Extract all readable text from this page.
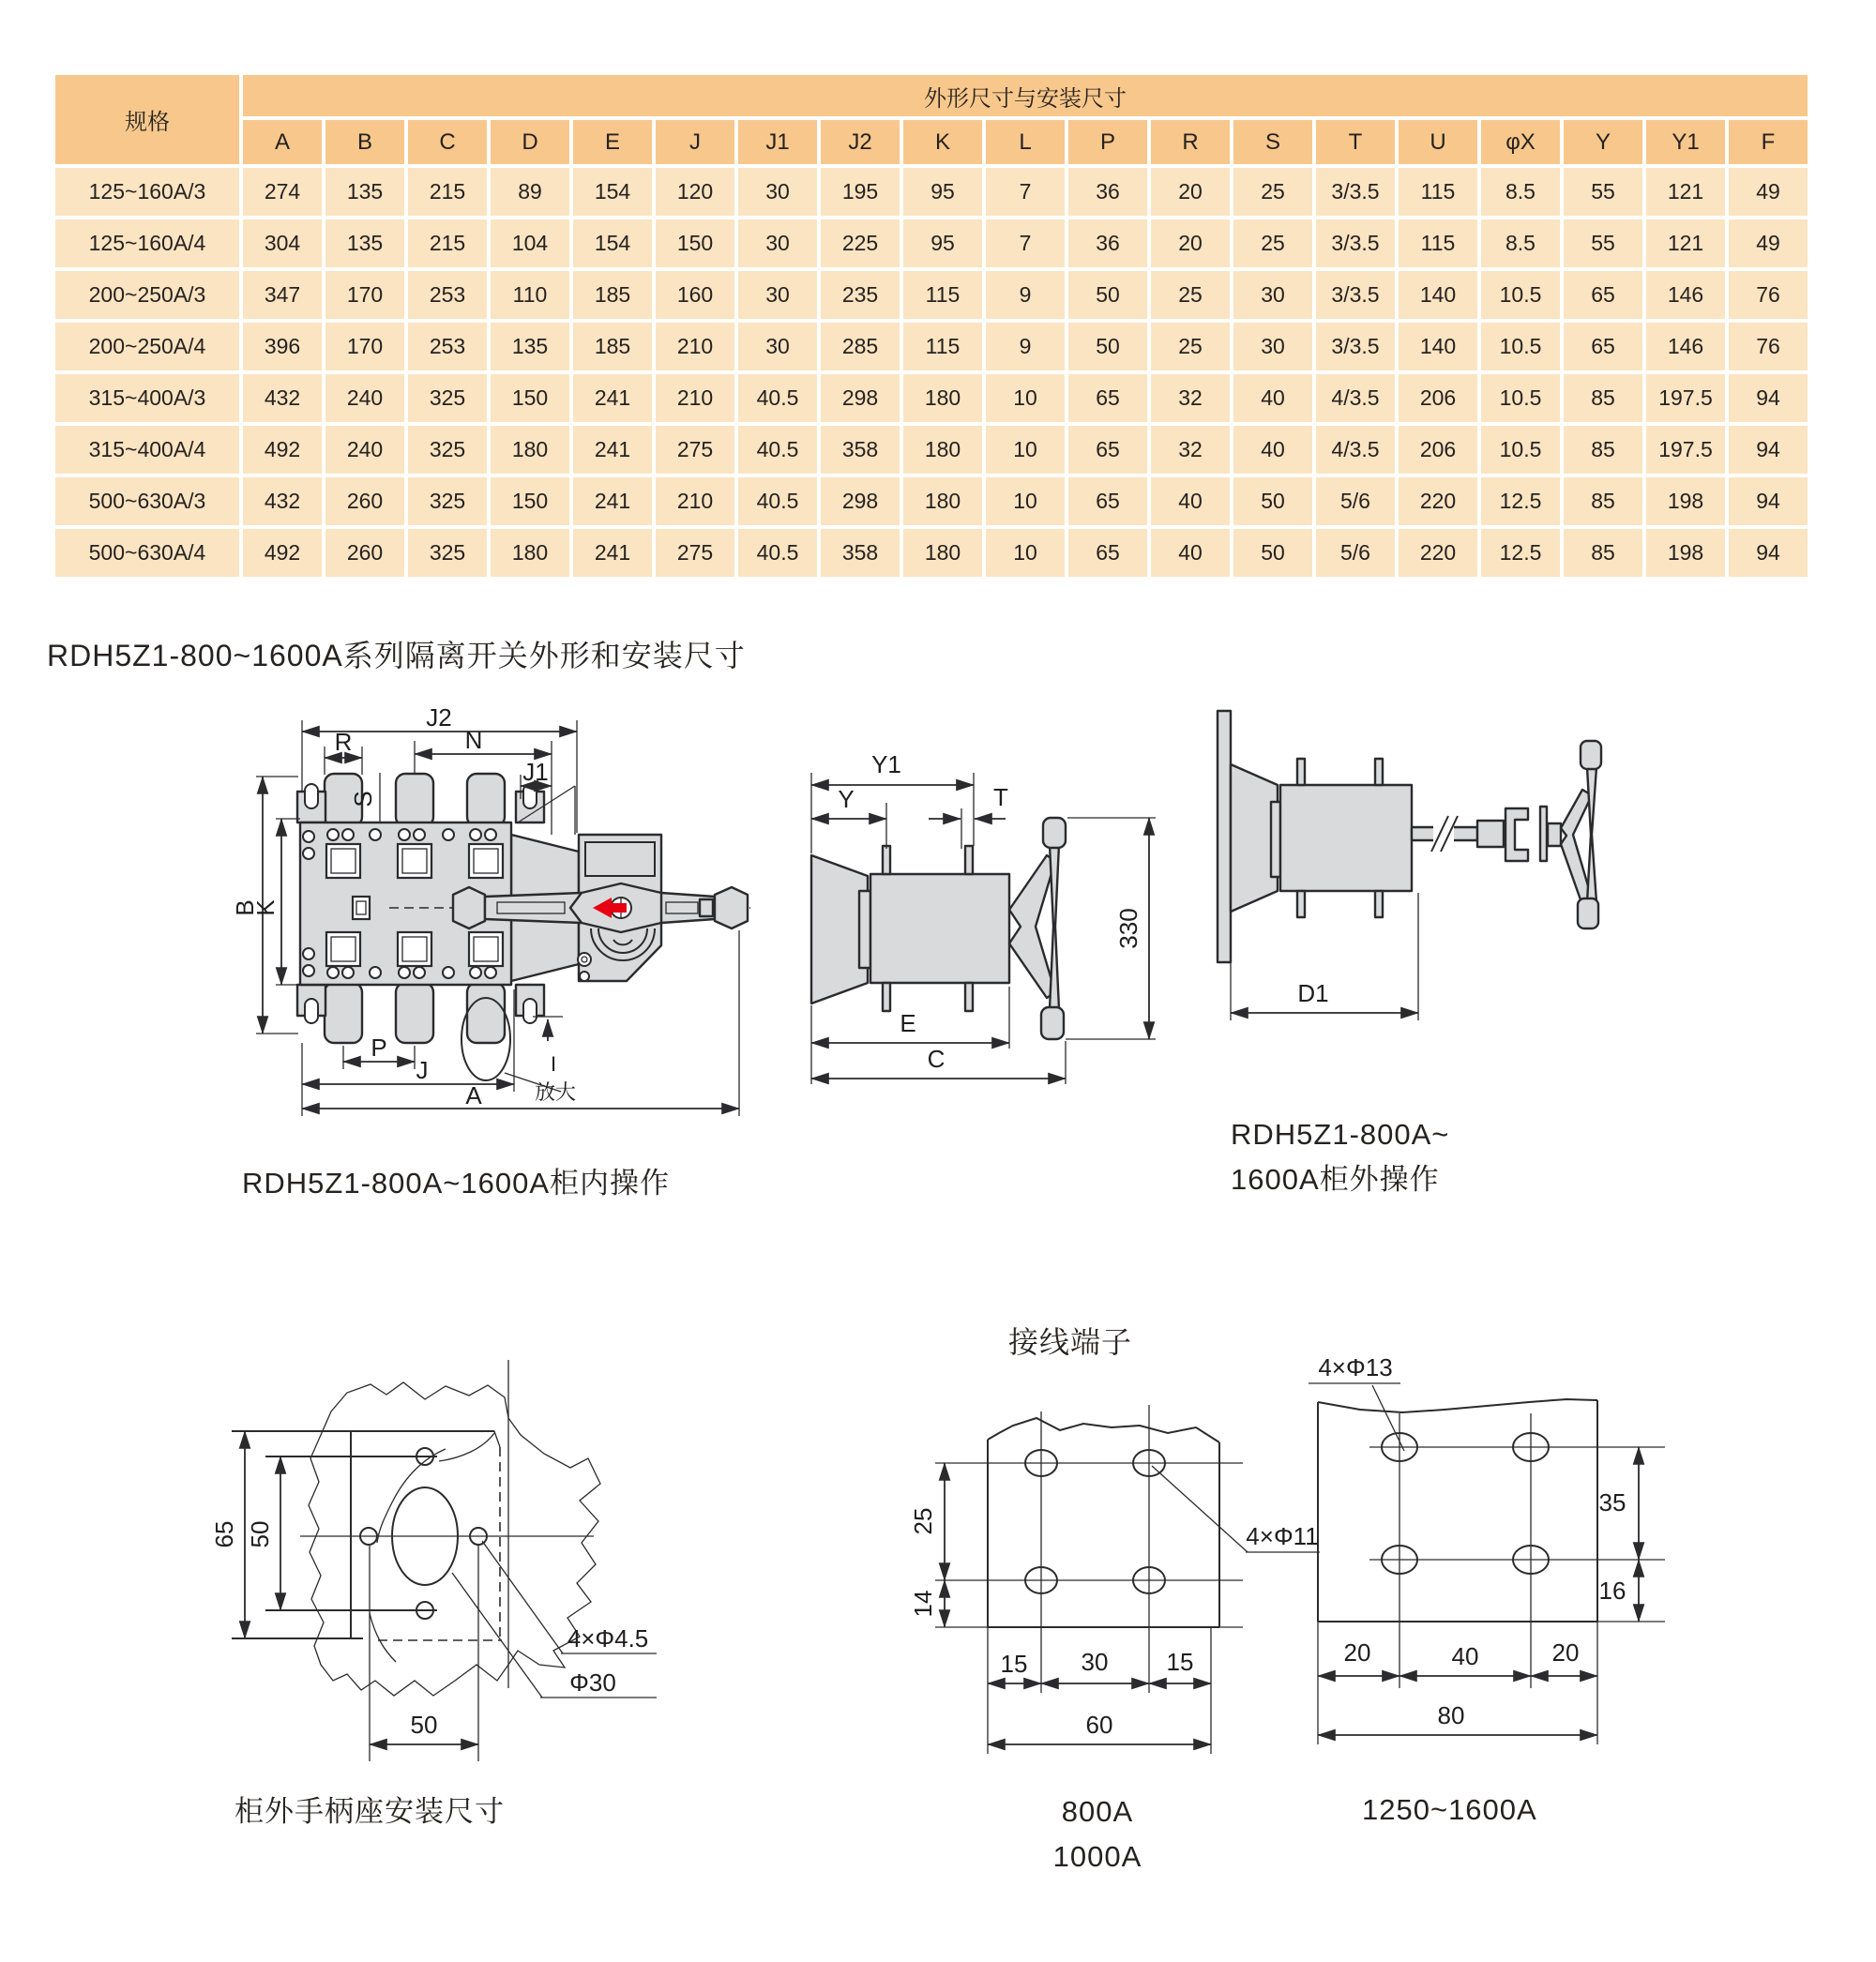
规格	外形尺寸与安装尺寸																		
	A	B	C	D	E	J	J1	J2	K	L	P	R	S	T	U	φX	Y	Y1	F
125~160A/3	274	135	215	89	154	120	30	195	95	7	36	20	25	3/3.5	115	8.5	55	121	49
125~160A/4	304	135	215	104	154	150	30	225	95	7	36	20	25	3/3.5	115	8.5	55	121	49
200~250A/3	347	170	253	110	185	160	30	235	115	9	50	25	30	3/3.5	140	10.5	65	146	76
200~250A/4	396	170	253	135	185	210	30	285	115	9	50	25	30	3/3.5	140	10.5	65	146	76
315~400A/3	432	240	325	150	241	210	40.5	298	180	10	65	32	40	4/3.5	206	10.5	85	197.5	94
315~400A/4	492	240	325	180	241	275	40.5	358	180	10	65	32	40	4/3.5	206	10.5	85	197.5	94
500~630A/3	432	260	325	150	241	210	40.5	298	180	10	65	40	50	5/6	220	12.5	85	198	94
500~630A/4	492	260	325	180	241	275	40.5	358	180	10	65	40	50	5/6	220	12.5	85	198	94
RDH5Z1-800~1600A系列隔离开关外形和安装尺寸
J2
R	N
J1
S
B
K
P
J
A
I
放大
RDH5Z1-800A~1600A柜内操作
Y1
Y	T
330
E
C
D1
RDH5Z1-800A~
1600A柜外操作
65 50
50
4×Φ4.5
Φ30
柜外手柄座安装尺寸
接线端子
25
14
4×Φ11
15 30 15
60
800A
1000A
4×Φ13
35
16
20	40	20
80
1250~1600A
